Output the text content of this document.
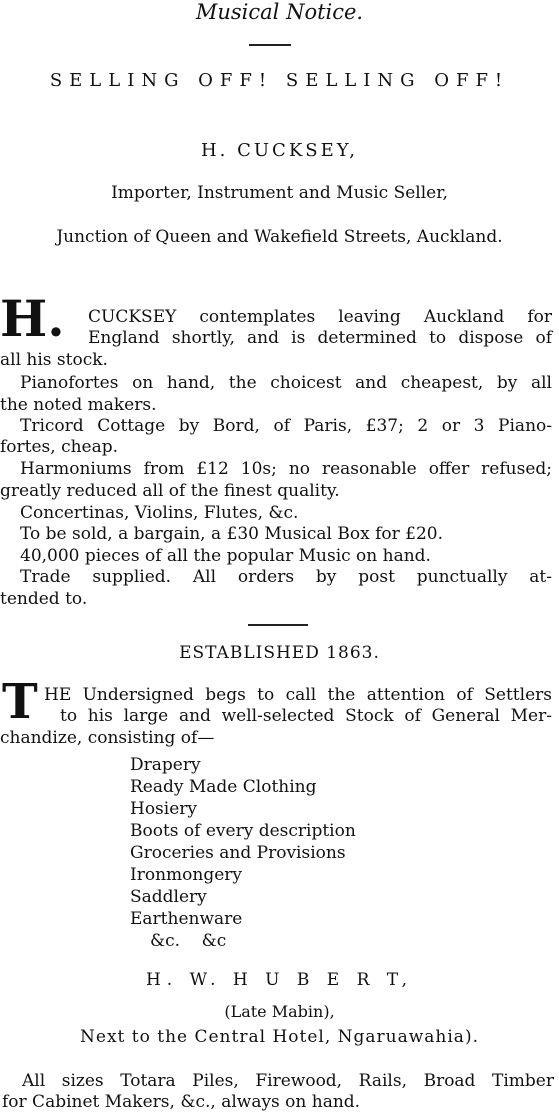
Musical Notice.
SELLING OFF! SELLING OFF!
H. CUCKSEY,
Importer, Instrument and Music Seller,
Junction of Queen and Wakefield Streets, Auckland.
H. CUCKSEY contemplates leaving Auckland for
England shortly, and is determined to dispose of
all his stock.
Pianofortes on hand, the choicest and cheapest, by all
the noted makers.
Tricord Cottage by Bord, of Paris, £37; 2 or 3 Piano-
fortes, cheap.
Harmoniums from £12 10s; no reasonable offer refused;
greatly reduced all of the finest quality.
Concertinas, Violins, Flutes, &c.
To be sold, a bargain, a £30 Musical Box for £20.
40,000 pieces of all the popular Music on hand.
Trade supplied. All orders by post punctually at-
tended to.
ESTABLISHED 1863.
T HE Undersigned begs to call the attention of Settlers
to his large and well-selected Stock of General Mer-
chandize, consisting of—
Drapery
Ready Made Clothing
Hosiery
Boots of every description
Groceries and Provisions
Ironmongery
Saddlery
Earthenware
&c.    &c
H. W. H U B E R T,
(Late Mabin),
Next to the Central Hotel, Ngaruawahia).
All sizes Totara Piles, Firewood, Rails, Broad Timber
for Cabinet Makers, &c., always on hand.
